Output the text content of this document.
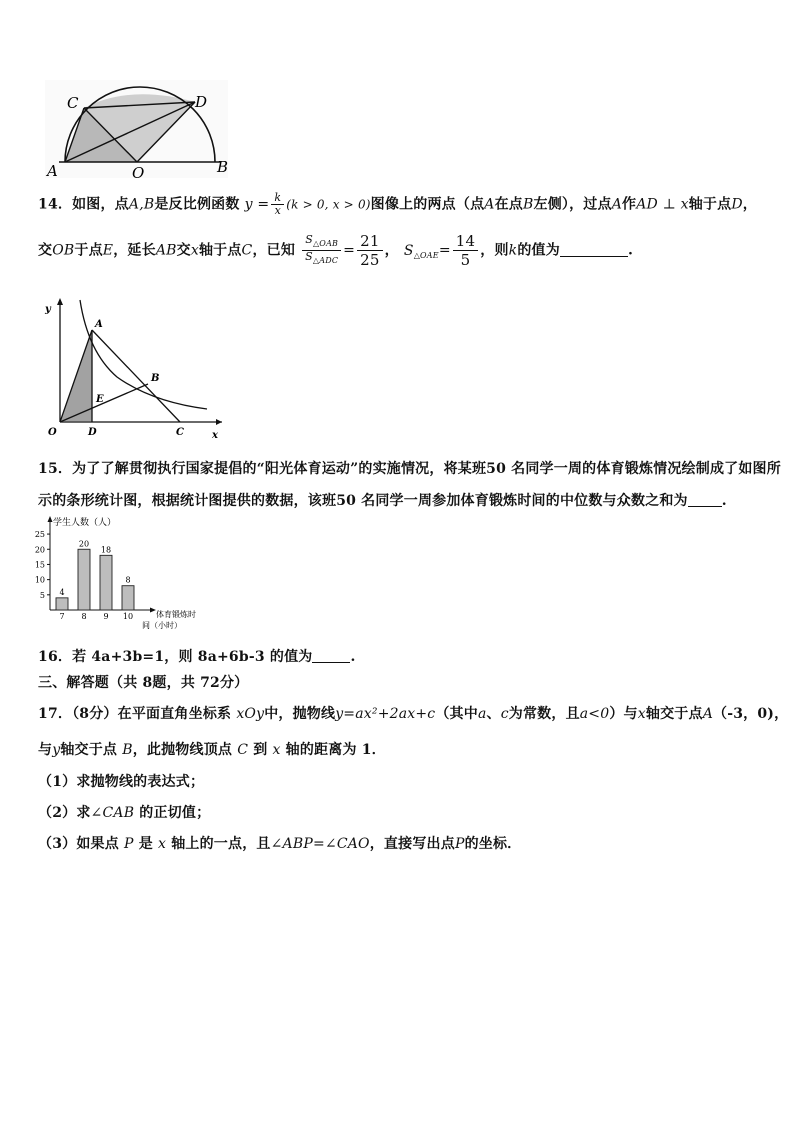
C	D
A	O	B
14．如图，点A,B是反比例函数 $y = \frac{k}{x} (k > 0$, x > 0)图像上的两点（点A在点B左侧），过点A作AD ⊥ x轴于点D，
交OB于点E，延长AB交x轴于点C，已知 $\frac{S_{\triangle OAB}}{S_{\triangle ADC}} = \frac{21}{25}$ ， $S_{\triangle OAE}= \frac{14}{5}$ ，则k的值为	.
y
A
B
E
O	D	C	x
15．为了了解贯彻执行国家提倡的“阳光体育运动”的实施情况，将某班50 名同学一周的体育锻炼情况绘制成了如图所
示的条形统计图，根据统计图提供的数据，该班50 名同学一周参加体育锻炼时间的中位数与众数之和为 .
学生人数（人）
体育锻炼时
间（小时）
5
10
15
20
25
4
7
20
8
18
9
8
10
16．若 4a+3b=1，则 8a+6b-3 的值为	.
三、解答题（共 8题，共 72分）
17．（8分）在平面直角坐标系 xOy中，抛物线y=ax²+2ax+c（其中a、c为常数，且a<0）与x轴交于点A（-3，0)，
与y轴交于点 B，此抛物线顶点 C 到 x 轴的距离为 1．
（1）求抛物线的表达式；
（2）求∠CAB 的正切值；
（3）如果点 P 是 x 轴上的一点，且∠ABP=∠CAO，直接写出点P的坐标．
